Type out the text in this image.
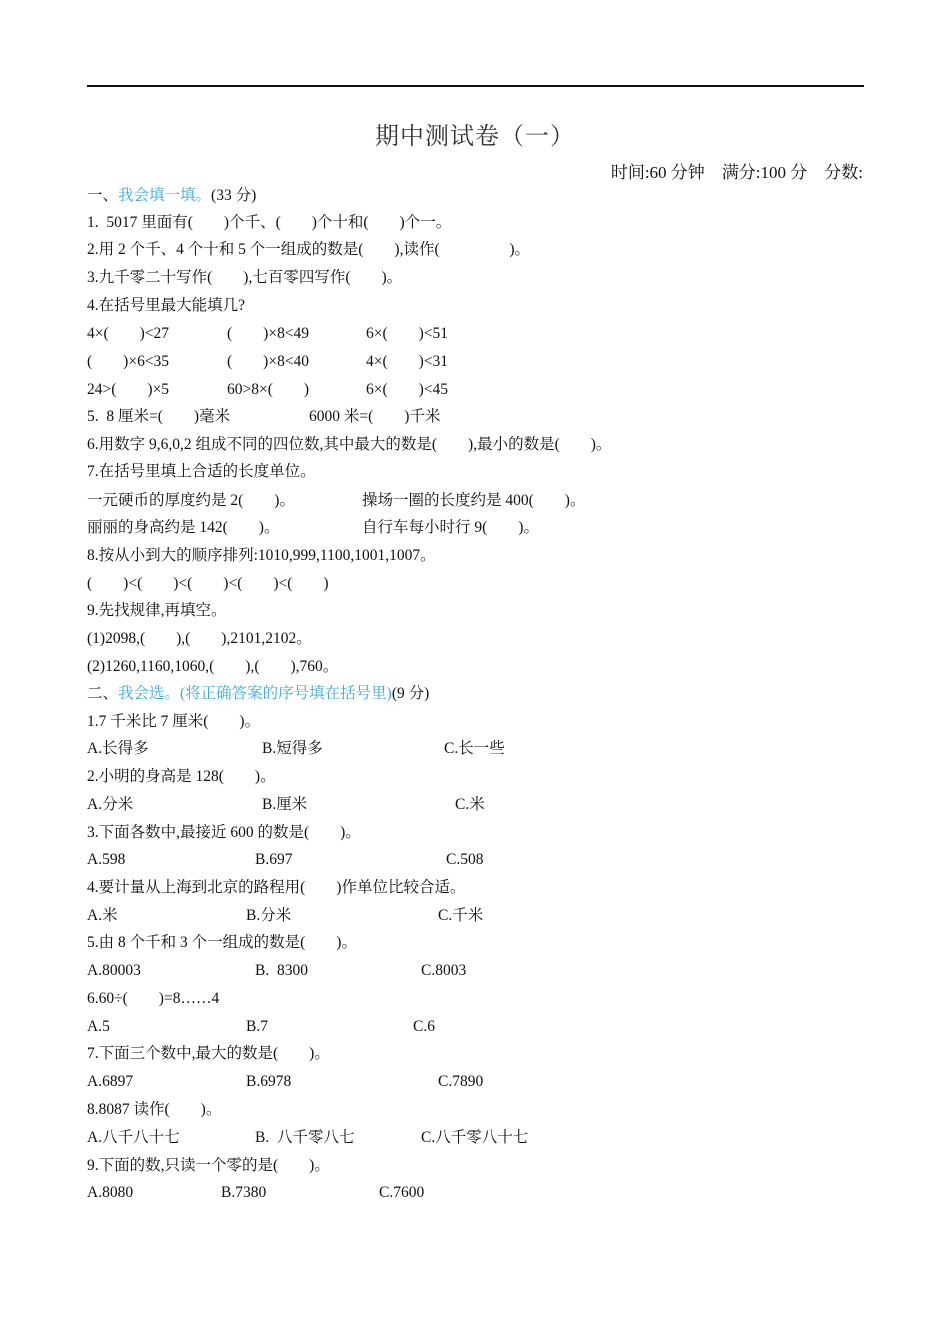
期中测试卷（一）
时间:60 分钟    满分:100 分    分数:
一、我会填一填。(33 分)
1.  5017 里面有(        )个千、(        )个十和(        )个一。
2.用 2 个千、4 个十和 5 个一组成的数是(        ),读作(                  )。
3.九千零二十写作(        ),七百零四写作(        )。
4.在括号里最大能填几?
4×(        )<27	(        )×8<49	6×(        )<51
(        )×6<35	(        )×8<40	4×(        )<31
24>(        )×5	60>8×(        )	6×(        )<45
5.  8 厘米=(        )毫米	6000 米=(        )千米
6.用数字 9,6,0,2 组成不同的四位数,其中最大的数是(        ),最小的数是(        )。
7.在括号里填上合适的长度单位。
一元硬币的厚度约是 2(        )。	操场一圈的长度约是 400(        )。
丽丽的身高约是 142(        )。	自行车每小时行 9(        )。
8.按从小到大的顺序排列:1010,999,1100,1001,1007。
(        )<(        )<(        )<(        )<(        )
9.先找规律,再填空。
(1)2098,(        ),(        ),2101,2102。
(2)1260,1160,1060,(        ),(        ),760。
二、我会选。(将正确答案的序号填在括号里)(9 分)
1.7 千米比 7 厘米(        )。
A.长得多	B.短得多	C.长一些
2.小明的身高是 128(        )。
A.分米	B.厘米	C.米
3.下面各数中,最接近 600 的数是(        )。
A.598	B.697	C.508
4.要计量从上海到北京的路程用(        )作单位比较合适。
A.米	B.分米	C.千米
5.由 8 个千和 3 个一组成的数是(        )。
A.80003	B.  8300	C.8003
6.60÷(        )=8……4
A.5	B.7	C.6
7.下面三个数中,最大的数是(        )。
A.6897	B.6978	C.7890
8.8087 读作(        )。
A.八千八十七	B.  八千零八七	C.八千零八十七
9.下面的数,只读一个零的是(        )。
A.8080	B.7380	C.7600
